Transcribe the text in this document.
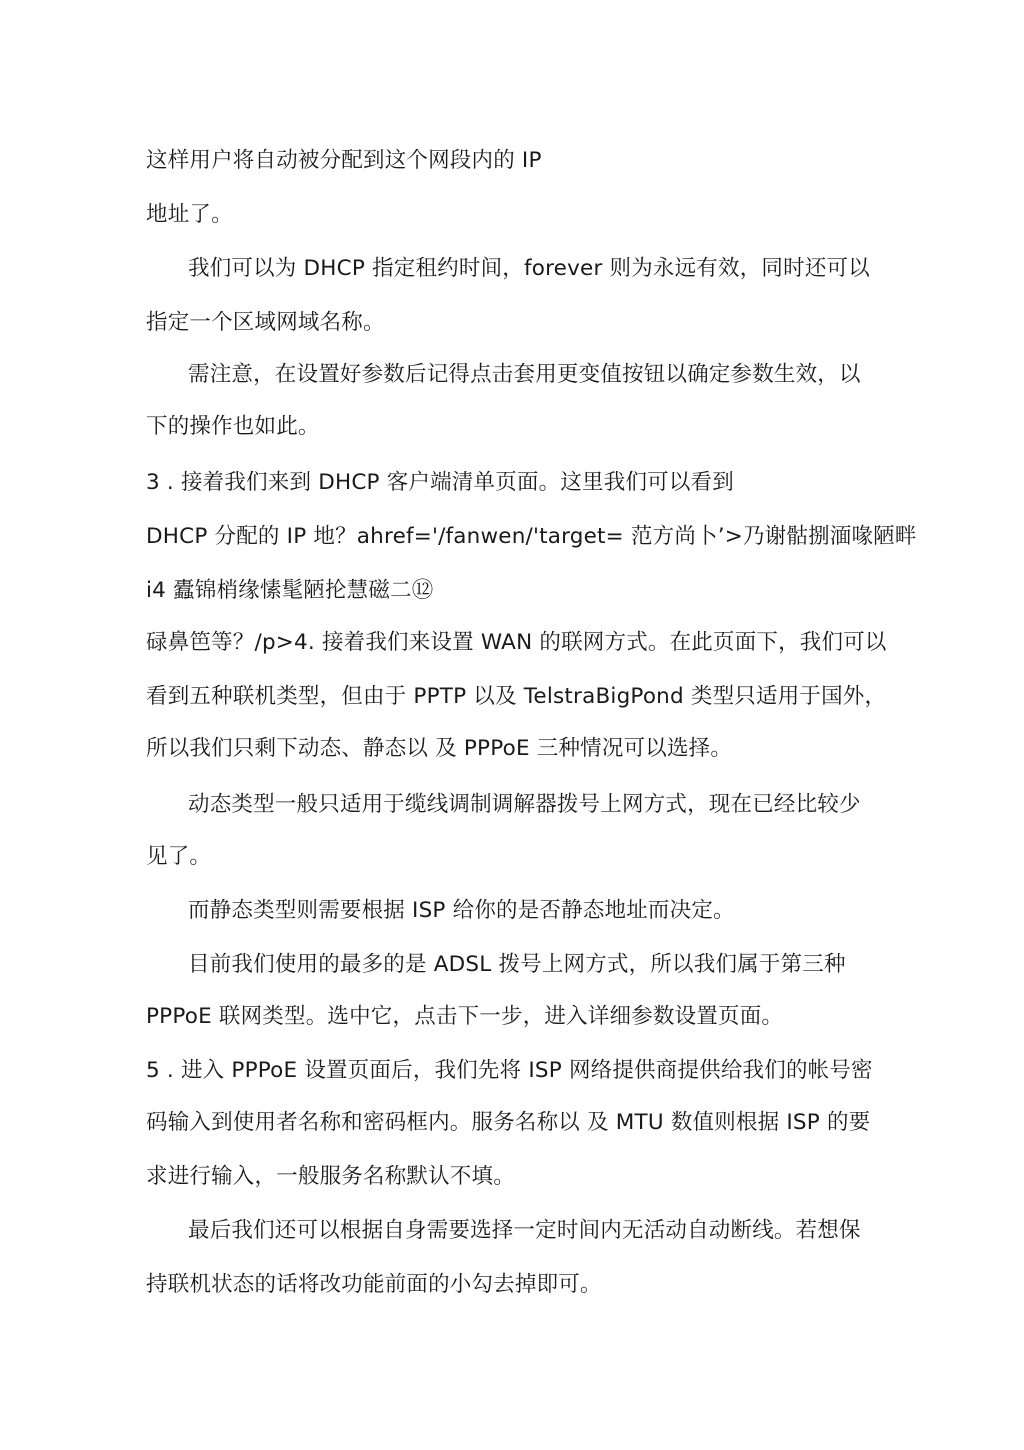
这样用户将自动被分配到这个网段内的 IP
地址了。
我们可以为 DHCP 指定租约时间，forever 则为永远有效，同时还可以
指定一个区域网域名称。
需注意，在设置好参数后记得点击套用更变值按钮以确定参数生效，以
下的操作也如此。
3 . 接着我们来到 DHCP 客户端清单页面。这里我们可以看到
DHCP 分配的 IP 地？ahref='/fanwen/'target= 范方尚卜’>乃谢骷捌湎喙陋畔
i4 蠹锦梢缘愫髦陋抡慧磁二⑫
碌鼻笆等？/p>4. 接着我们来设置 WAN 的联网方式。在此页面下，我们可以
看到五种联机类型，但由于 PPTP 以及 TelstraBigPond 类型只适用于国外，
所以我们只剩下动态、静态以 及 PPPoE 三种情况可以选择。
动态类型一般只适用于缆线调制调解器拨号上网方式，现在已经比较少
见了。
而静态类型则需要根据 ISP 给你的是否静态地址而决定。
目前我们使用的最多的是 ADSL 拨号上网方式，所以我们属于第三种
PPPoE 联网类型。选中它，点击下一步，进入详细参数设置页面。
5 . 进入 PPPoE 设置页面后，我们先将 ISP 网络提供商提供给我们的帐号密
码输入到使用者名称和密码框内。服务名称以 及 MTU 数值则根据 ISP 的要
求进行输入，一般服务名称默认不填。
最后我们还可以根据自身需要选择一定时间内无活动自动断线。若想保
持联机状态的话将改功能前面的小勾去掉即可。
